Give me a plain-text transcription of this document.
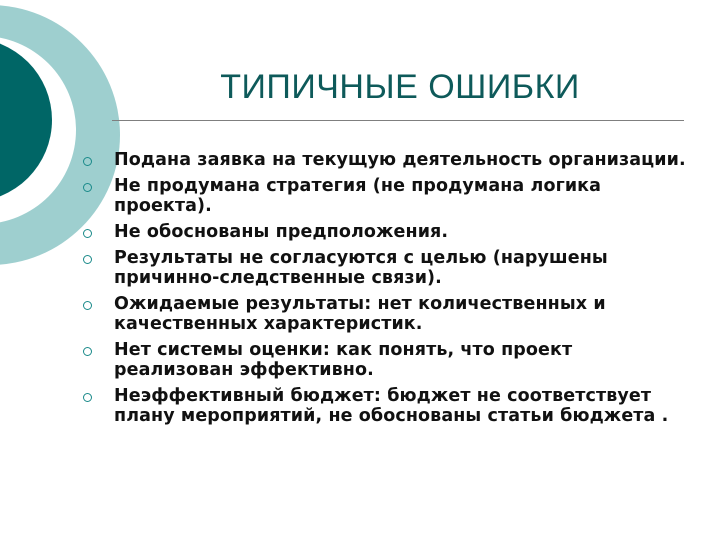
ТИПИЧНЫЕ ОШИБКИ
Подана заявка на текущую деятельность организации.
Не продумана стратегия (не продумана логика проекта).
Не обоснованы предположения.
Результаты не согласуются с целью (нарушены причинно-следственные связи).
Ожидаемые результаты: нет количественных и качественных характеристик.
Нет системы оценки: как понять, что проект реализован эффективно.
Неэффективный бюджет: бюджет не соответствует плану мероприятий, не обоснованы статьи бюджета .
